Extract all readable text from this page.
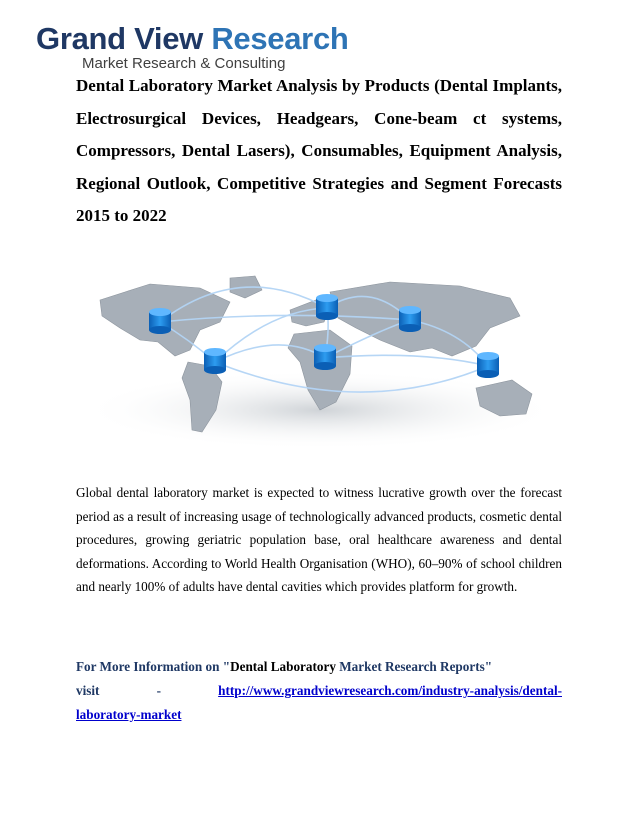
Grand View Research
Market Research & Consulting

Dental Laboratory Market Analysis by Products (Dental Implants, Electrosurgical Devices, Headgears, Cone-beam ct systems, Compressors, Dental Lasers), Consumables, Equipment Analysis, Regional Outlook, Competitive Strategies and Segment Forecasts 2015 to 2022

Global dental laboratory market is expected to witness lucrative growth over the forecast period as a result of increasing usage of technologically advanced products, cosmetic dental procedures, growing geriatric population base, oral healthcare awareness and dental deformations. According to World Health Organisation (WHO), 60–90% of school children and nearly 100% of adults have dental cavities which provides platform for growth.

For More Information on "Dental Laboratory Market Research Reports"
visit	-	http://www.grandviewresearch.com/industry-analysis/dental-
laboratory-market
